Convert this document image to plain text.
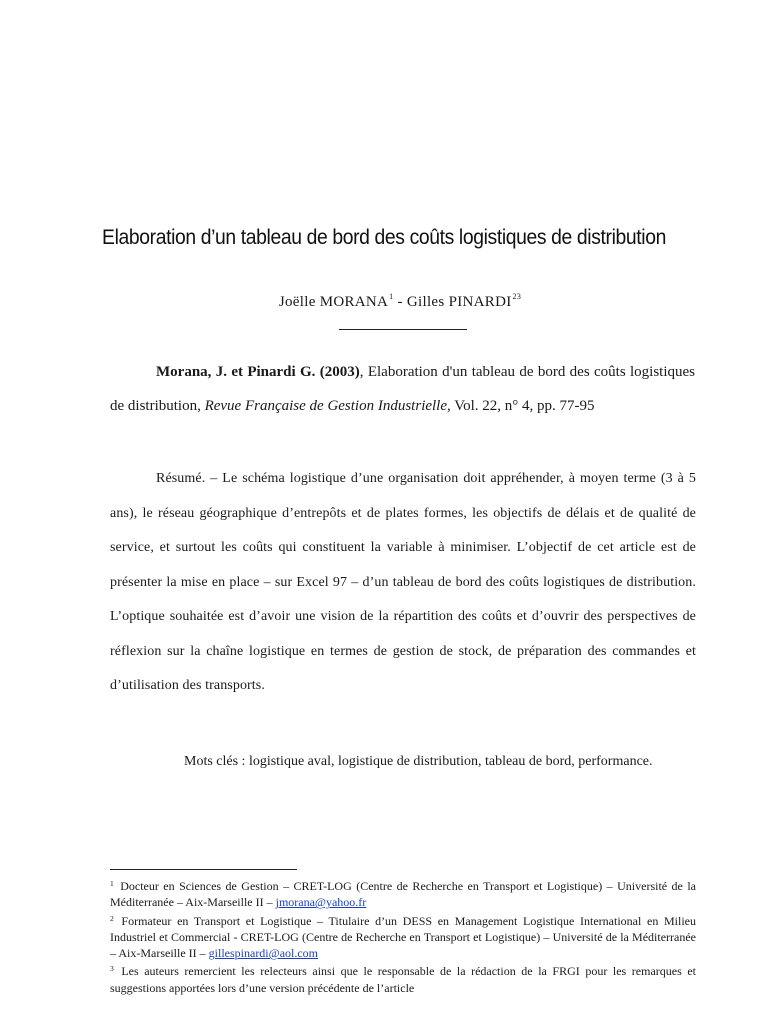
Elaboration d’un tableau de bord des coûts logistiques de distribution
Joëlle MORANA$^1$ - Gilles PINARDI$^{23}$
Morana, J. et Pinardi G. (2003), Elaboration d'un tableau de bord des coûts logistiques de distribution, Revue Française de Gestion Industrielle, Vol. 22, n° 4, pp. 77-95
Résumé. – Le schéma logistique d’une organisation doit appréhender, à moyen terme (3 à 5 ans), le réseau géographique d’entrepôts et de plates formes, les objectifs de délais et de qualité de service, et surtout les coûts qui constituent la variable à minimiser. L’objectif de cet article est de présenter la mise en place – sur Excel 97 – d’un tableau de bord des coûts logistiques de distribution. L’optique souhaitée est d’avoir une vision de la répartition des coûts et d’ouvrir des perspectives de réflexion sur la chaîne logistique en termes de gestion de stock, de préparation des commandes et d’utilisation des transports.
Mots clés : logistique aval, logistique de distribution, tableau de bord, performance.

$^1$ Docteur en Sciences de Gestion – CRET-LOG (Centre de Recherche en Transport et Logistique) – Université de la Méditerranée – Aix-Marseille II – jmorana@yahoo.fr

$^2$ Formateur en Transport et Logistique – Titulaire d’un DESS en Management Logistique International en Milieu Industriel et Commercial - CRET-LOG (Centre de Recherche en Transport et Logistique) – Université de la Méditerranée – Aix-Marseille II – gillespinardi@aol.com

$^3$ Les auteurs remercient les relecteurs ainsi que le responsable de la rédaction de la FRGI pour les remarques et suggestions apportées lors d’une version précédente de l’article
